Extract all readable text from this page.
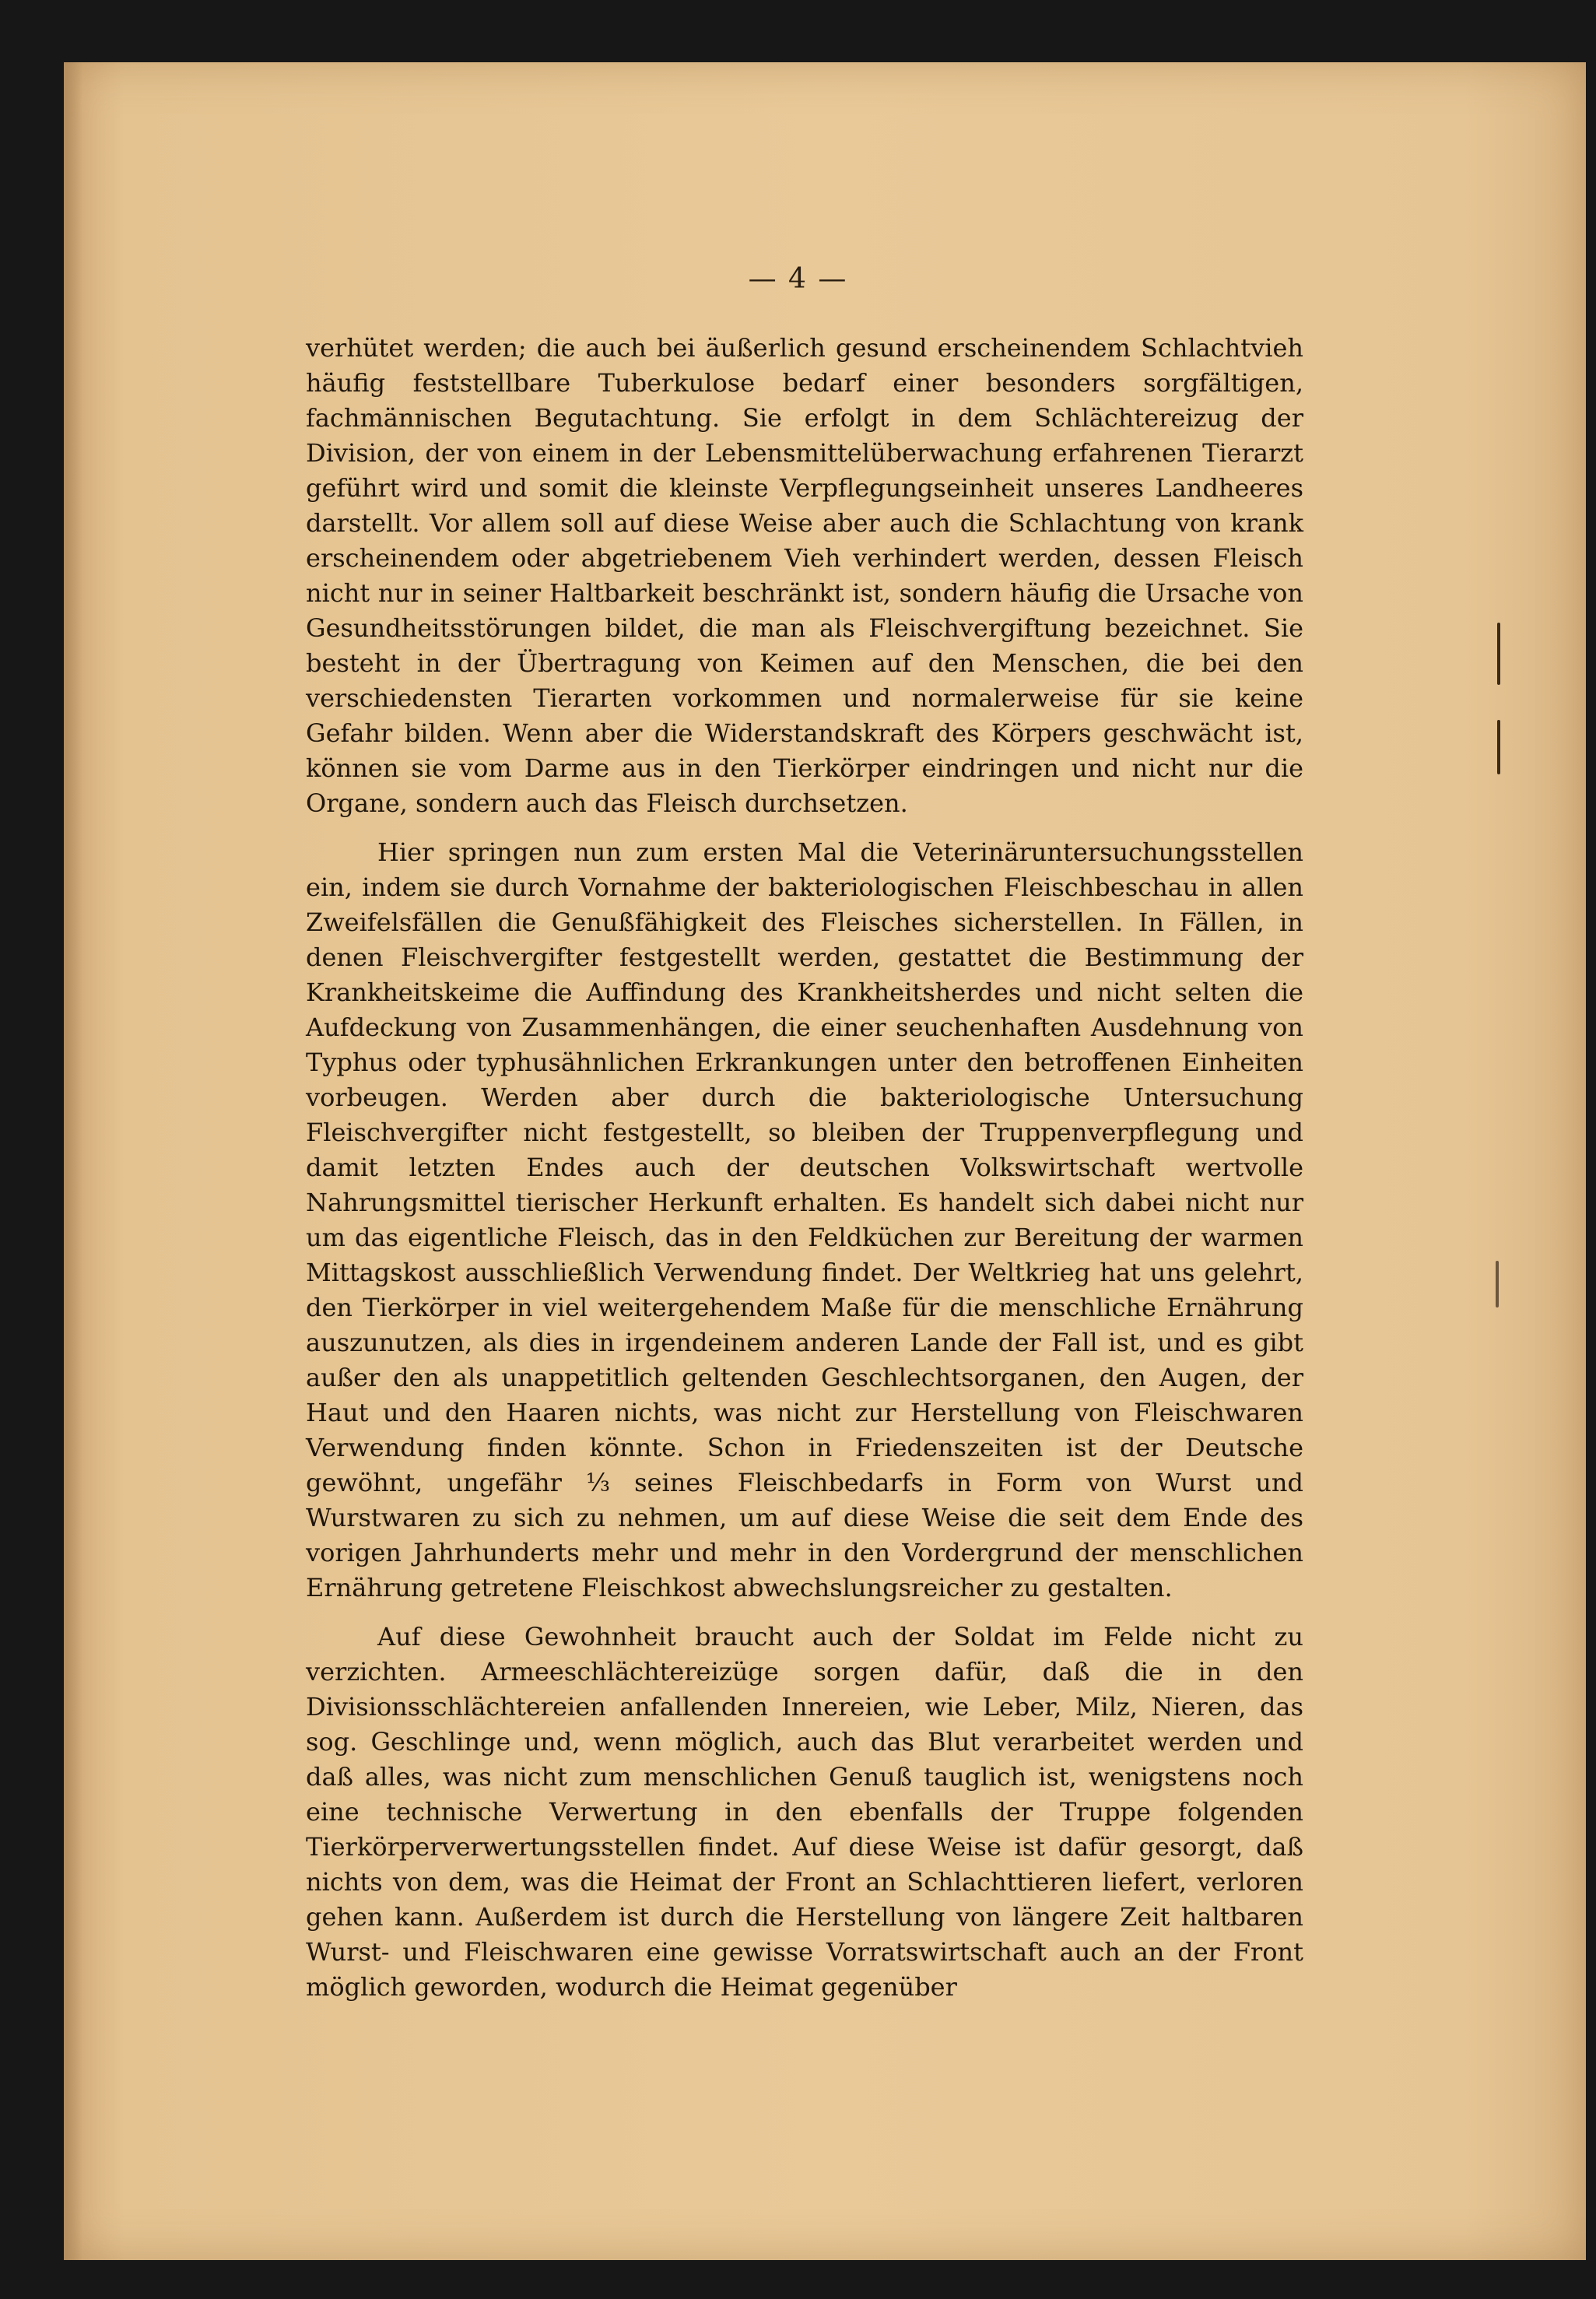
— 4 —

verhütet werden; die auch bei äußerlich gesund erscheinendem Schlachtvieh häufig feststellbare Tuberkulose bedarf einer besonders sorgfältigen, fachmännischen Begutachtung. Sie erfolgt in dem Schlächtereizug der Division, der von einem in der Lebensmittelüberwachung erfahrenen Tierarzt geführt wird und somit die kleinste Verpflegungseinheit unseres Landheeres darstellt. Vor allem soll auf diese Weise aber auch die Schlachtung von krank erscheinendem oder abgetriebenem Vieh verhindert werden, dessen Fleisch nicht nur in seiner Haltbarkeit beschränkt ist, sondern häufig die Ursache von Gesundheitsstörungen bildet, die man als Fleischvergiftung bezeichnet. Sie besteht in der Übertragung von Keimen auf den Menschen, die bei den verschiedensten Tierarten vorkommen und normalerweise für sie keine Gefahr bilden. Wenn aber die Widerstandskraft des Körpers geschwächt ist, können sie vom Darme aus in den Tierkörper eindringen und nicht nur die Organe, sondern auch das Fleisch durchsetzen.

Hier springen nun zum ersten Mal die Veterinäruntersuchungsstellen ein, indem sie durch Vornahme der bakteriologischen Fleischbeschau in allen Zweifelsfällen die Genußfähigkeit des Fleisches sicherstellen. In Fällen, in denen Fleischvergifter festgestellt werden, gestattet die Bestimmung der Krankheitskeime die Auffindung des Krankheitsherdes und nicht selten die Aufdeckung von Zusammenhängen, die einer seuchenhaften Ausdehnung von Typhus oder typhusähnlichen Erkrankungen unter den betroffenen Einheiten vorbeugen. Werden aber durch die bakteriologische Untersuchung Fleischvergifter nicht festgestellt, so bleiben der Truppenverpflegung und damit letzten Endes auch der deutschen Volkswirtschaft wertvolle Nahrungsmittel tierischer Herkunft erhalten. Es handelt sich dabei nicht nur um das eigentliche Fleisch, das in den Feldküchen zur Bereitung der warmen Mittagskost ausschließlich Verwendung findet. Der Weltkrieg hat uns gelehrt, den Tierkörper in viel weitergehendem Maße für die menschliche Ernährung auszunutzen, als dies in irgendeinem anderen Lande der Fall ist, und es gibt außer den als unappetitlich geltenden Geschlechtsorganen, den Augen, der Haut und den Haaren nichts, was nicht zur Herstellung von Fleischwaren Verwendung finden könnte. Schon in Friedenszeiten ist der Deutsche gewöhnt, ungefähr ⅓ seines Fleischbedarfs in Form von Wurst und Wurstwaren zu sich zu nehmen, um auf diese Weise die seit dem Ende des vorigen Jahrhunderts mehr und mehr in den Vordergrund der menschlichen Ernährung getretene Fleischkost abwechslungsreicher zu gestalten.

Auf diese Gewohnheit braucht auch der Soldat im Felde nicht zu verzichten. Armeeschlächtereizüge sorgen dafür, daß die in den Divisionsschlächtereien anfallenden Innereien, wie Leber, Milz, Nieren, das sog. Geschlinge und, wenn möglich, auch das Blut verarbeitet werden und daß alles, was nicht zum menschlichen Genuß tauglich ist, wenigstens noch eine technische Verwertung in den ebenfalls der Truppe folgenden Tierkörperverwertungsstellen findet. Auf diese Weise ist dafür gesorgt, daß nichts von dem, was die Heimat der Front an Schlachttieren liefert, verloren gehen kann. Außerdem ist durch die Herstellung von längere Zeit haltbaren Wurst- und Fleischwaren eine gewisse Vorratswirtschaft auch an der Front möglich geworden, wodurch die Heimat gegenüber
